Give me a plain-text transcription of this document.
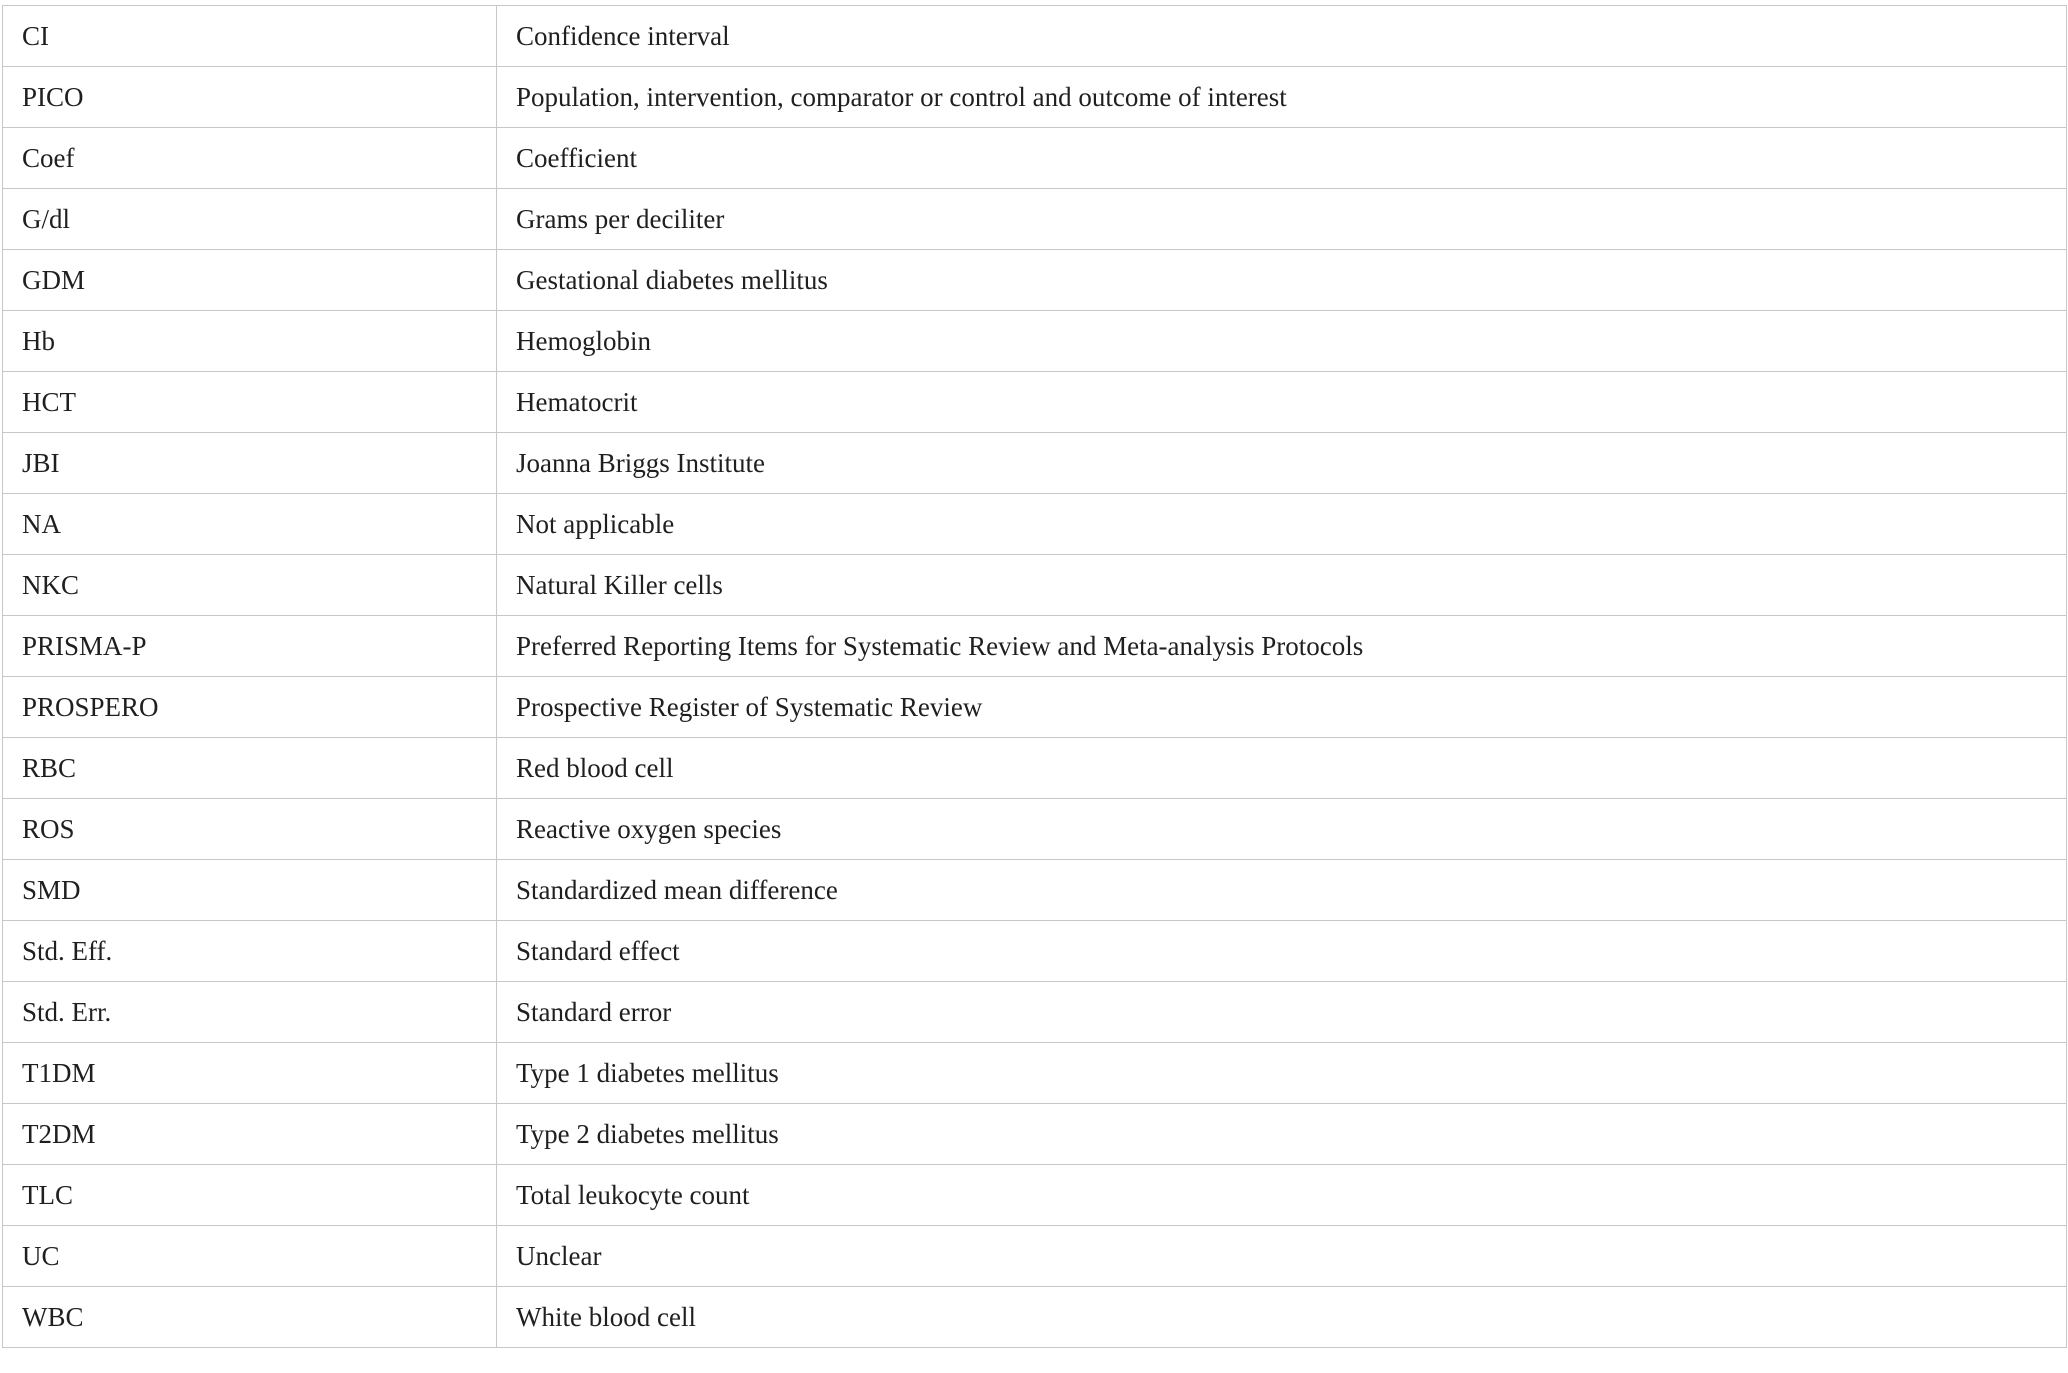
CI	Confidence interval
PICO	Population, intervention, comparator or control and outcome of interest
Coef	Coefficient
G/dl	Grams per deciliter
GDM	Gestational diabetes mellitus
Hb	Hemoglobin
HCT	Hematocrit
JBI	Joanna Briggs Institute
NA	Not applicable
NKC	Natural Killer cells
PRISMA-P	Preferred Reporting Items for Systematic Review and Meta-analysis Protocols
PROSPERO	Prospective Register of Systematic Review
RBC	Red blood cell
ROS	Reactive oxygen species
SMD	Standardized mean difference
Std. Eff.	Standard effect
Std. Err.	Standard error
T1DM	Type 1 diabetes mellitus
T2DM	Type 2 diabetes mellitus
TLC	Total leukocyte count
UC	Unclear
WBC	White blood cell
